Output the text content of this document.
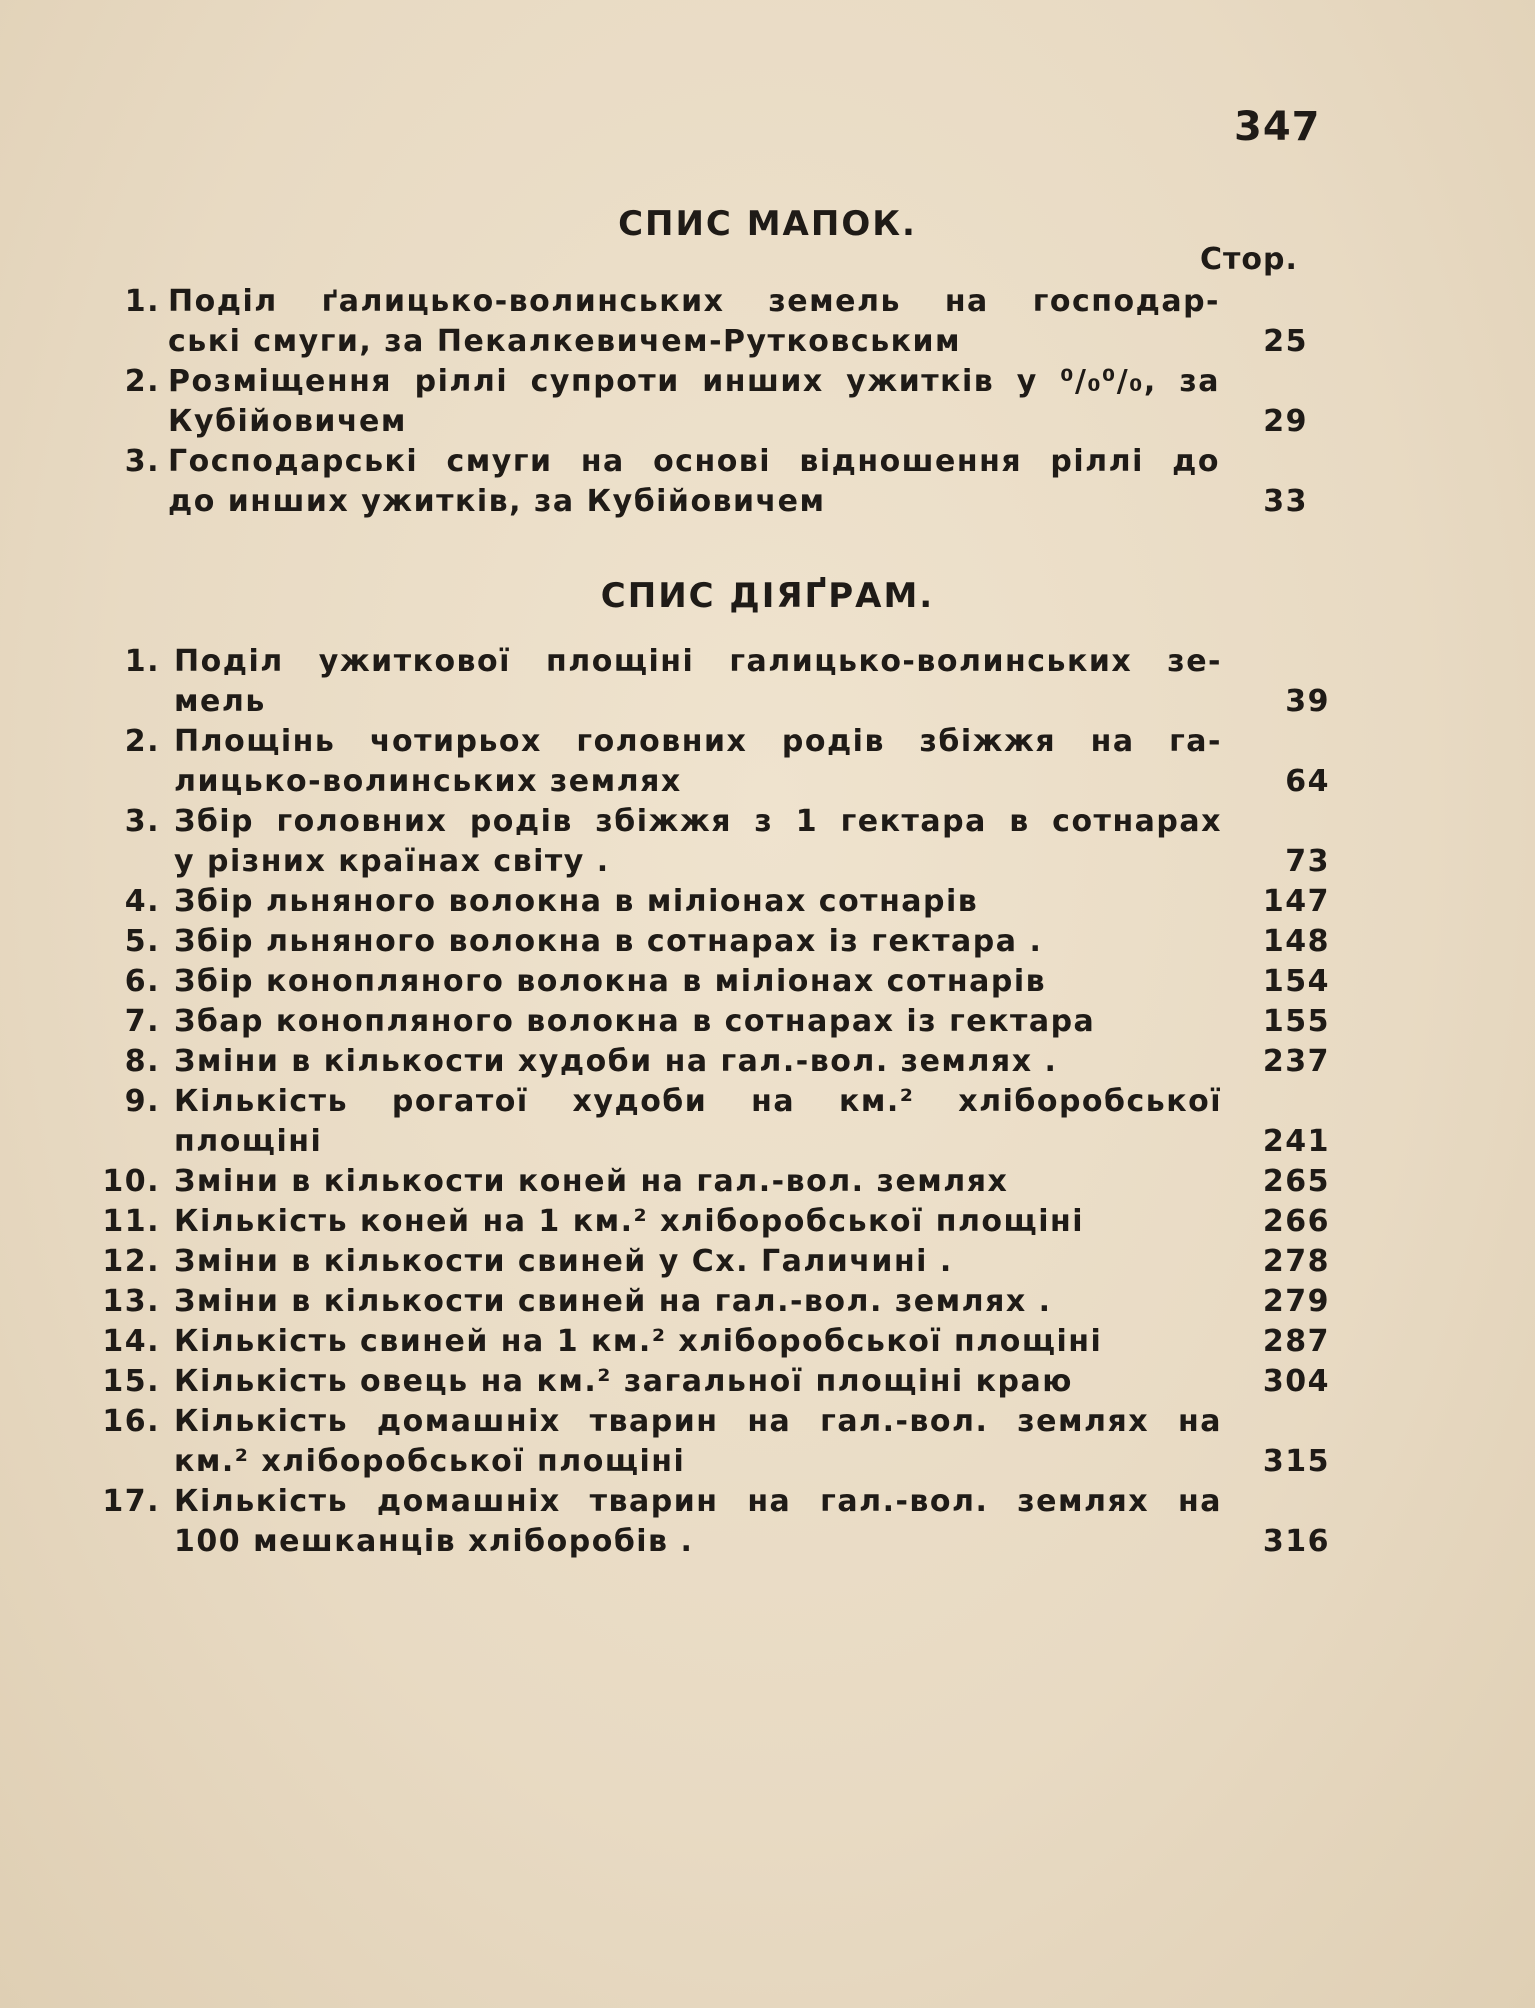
347
СПИС МАПОК.
Стор.
СПИС ДІЯҐРАМ.
1. Поділ ґалицько-волинських земель на господар-
ські смуги, за Пекалкевичем-Рутковським	25
2. Розміщення ріллі супроти инших ужитків у ⁰/₀⁰/₀, за
Кубійовичем	29
3. Господарські смуги на основі відношення ріллі до
до инших ужитків, за Кубійовичем	33
1. Поділ ужиткової площіні галицько-волинських зе-
мель	39
2. Площінь чотирьох головних родів збіжжя на га-
лицько-волинських землях	64
3. Збір головних родів збіжжя з 1 гектара в сотнарах
у різних країнах світу .	73
4. Збір льняного волокна в міліонах сотнарів	147
5. Збір льняного волокна в сотнарах із гектара .	148
6. Збір конопляного волокна в міліонах сотнарів	154
7. Збар конопляного волокна в сотнарах із гектара	155
8. Зміни в кількости худоби на гал.-вол. землях .	237
9. Кількість рогатої худоби на км.² хліборобської
площіні	241
10. Зміни в кількости коней на гал.-вол. землях	265
11. Кількість коней на 1 км.² хліборобської площіні	266
12. Зміни в кількости свиней у Сх. Галичині .	278
13. Зміни в кількости свиней на гал.-вол. землях .	279
14. Кількість свиней на 1 км.² хліборобської площіні	287
15. Кількість овець на км.² загальної площіні краю	304
16. Кількість домашніх тварин на гал.-вол. землях на
км.² хліборобської площіні	315
17. Кількість домашніх тварин на гал.-вол. землях на
100 мешканців хліборобів .	316
